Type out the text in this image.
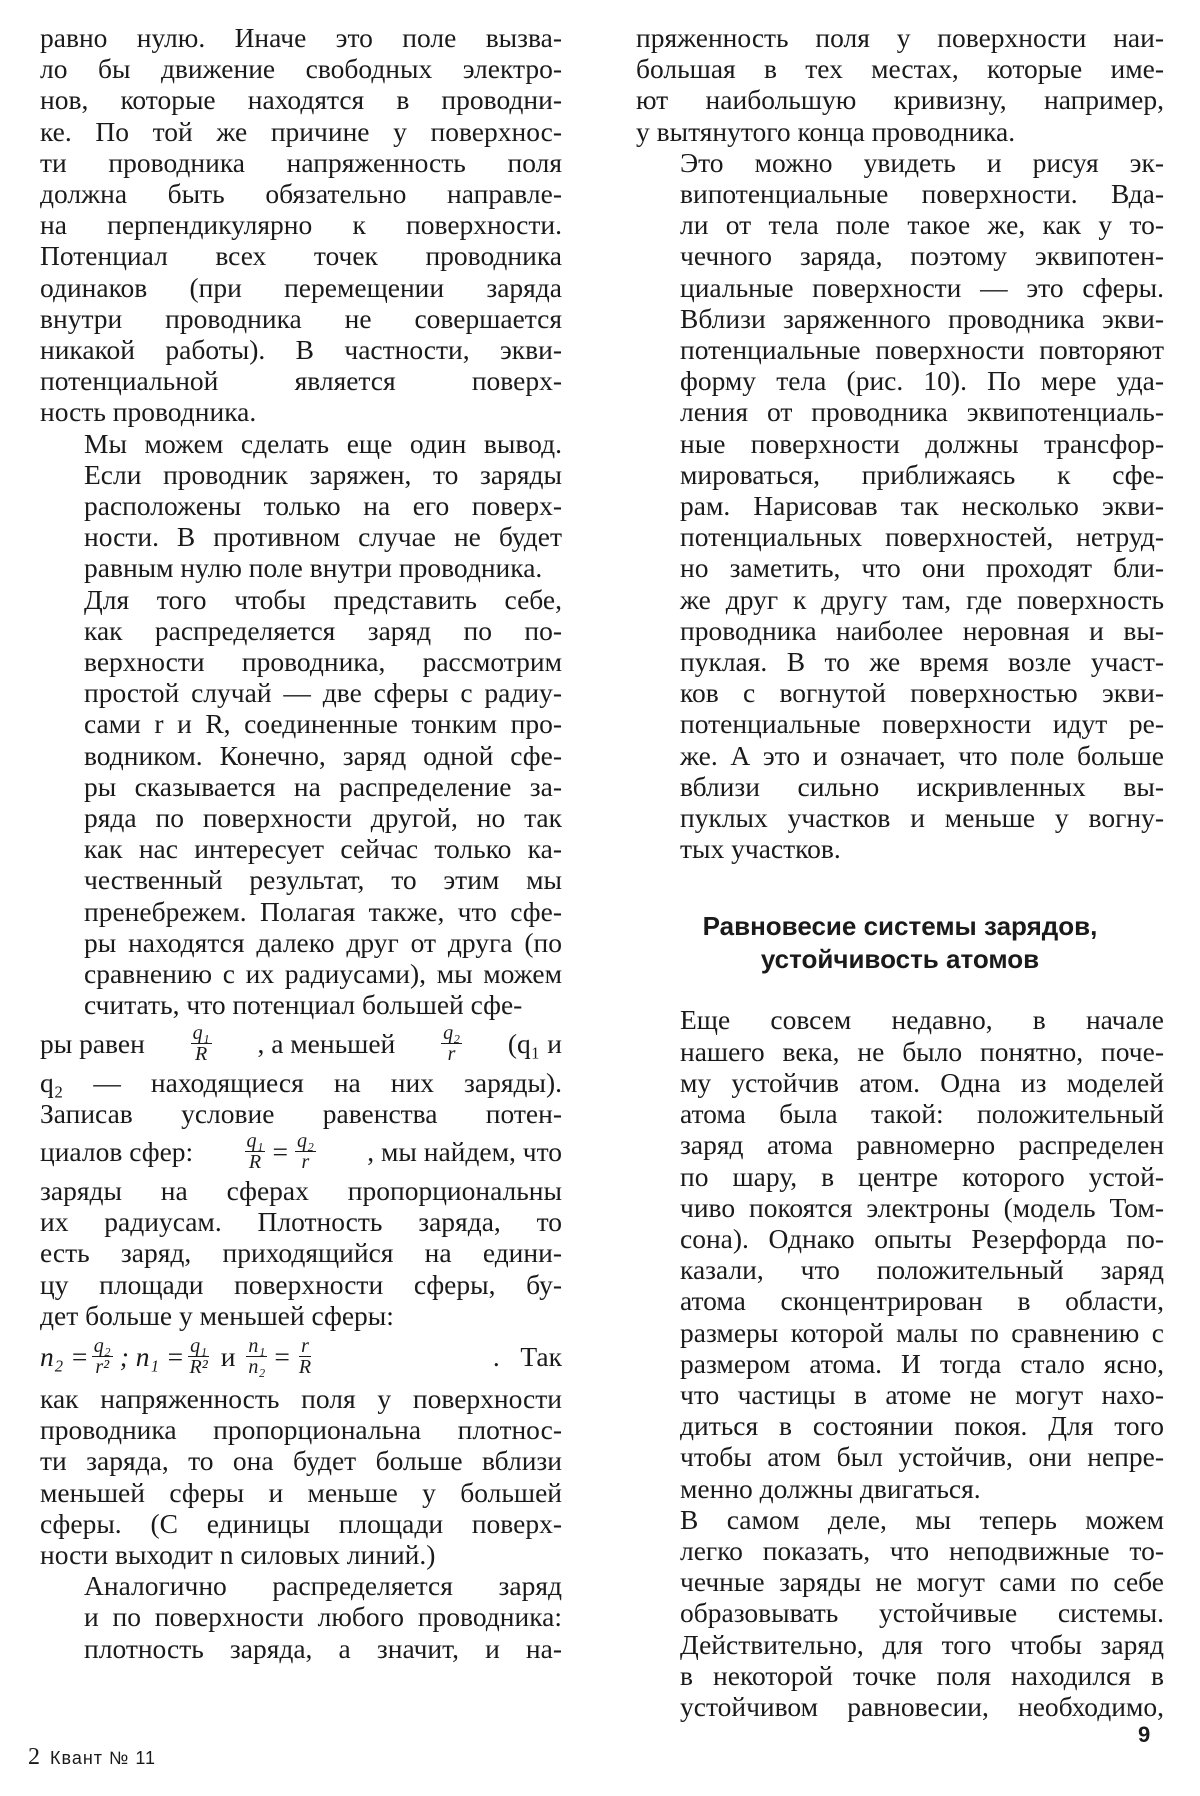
равно нулю. Иначе это поле вызва-
ло бы движение свободных электро-
нов, которые находятся в проводни-
ке. По той же причине у поверхнос-
ти проводника напряженность поля
должна быть обязательно направле-
на перпендикулярно к поверхности.
Потенциал всех точек проводника
одинаков (при перемещении заряда
внутри проводника не совершается
никакой работы). В частности, экви-
потенциальной является поверх-
ность проводника.

Мы можем сделать еще один вывод.
Если проводник заряжен, то заряды
расположены только на его поверх-
ности. В противном случае не будет
равным нулю поле внутри проводника.

Для того чтобы представить себе,
как распределяется заряд по по-
верхности проводника, рассмотрим
простой случай — две сферы с радиу-
сами r и R, соединенные тонким про-
водником. Конечно, заряд одной сфе-
ры сказывается на распределение за-
ряда по поверхности другой, но так
как нас интересует сейчас только ка-
чественный результат, то этим мы
пренебрежем. Полагая также, что сфе-
ры находятся далеко друг от друга (по
сравнению с их радиусами), мы можем
считать, что потенциал большей сфе-

ры равен $\frac{\text{q₁}}{R}$ , а меньшей $\frac{\text{q₂}}{r} (q_1$ и

q₂ — находящиеся на них заряды).
Записав условие равенства потен-

циалов сфер:	$\frac{\text{q₁}}{R} = \frac{\text{q₂}}{r}$ , мы найдем, что

заряды на сферах пропорциональны
их радиусам. Плотность заряда, то
есть заряд, приходящийся на едини-
цу площади поверхности сферы, бу-
дет больше у меньшей сферы:

$n_2 = \frac{\text{q₂}}{\text{r²}}$ ; $n_1 = \frac{\text{q₁}}{\text{R²}}$ и $\frac{\text{n₁}}{\text{n₂}} = \frac{r}{R}$	.   Так

как напряженность поля у поверхности
проводника пропорциональна плотнос-
ти заряда, то она будет больше вблизи
меньшей сферы и меньше у большей
сферы. (С единицы площади поверх-
ности выходит n силовых линий.)

Аналогично распределяется заряд
и по поверхности любого проводника:
плотность заряда, а значит, и на-

пряженность поля у поверхности наи-
большая в тех местах, которые име-
ют наибольшую кривизну, например,
у вытянутого конца проводника.

Это можно увидеть и рисуя эк-
випотенциальные поверхности. Вда-
ли от тела поле такое же, как у то-
чечного заряда, поэтому эквипотен-
циальные поверхности — это сферы.
Вблизи заряженного проводника экви-
потенциальные поверхности повторяют
форму тела (рис. 10). По мере уда-
ления от проводника эквипотенциаль-
ные поверхности должны трансфор-
мироваться, приближаясь к сфе-
рам. Нарисовав так несколько экви-
потенциальных поверхностей, нетруд-
но заметить, что они проходят бли-
же друг к другу там, где поверхность
проводника наиболее неровная и вы-
пуклая. В то же время возле участ-
ков с вогнутой поверхностью экви-
потенциальные поверхности идут ре-
же. А это и означает, что поле больше
вблизи сильно искривленных вы-
пуклых участков и меньше у вогну-
тых участков.

Равновесие системы зарядов,
устойчивость атомов

Еще совсем недавно, в начале
нашего века, не было понятно, поче-
му устойчив атом. Одна из моделей
атома была такой: положительный
заряд атома равномерно распределен
по шару, в центре которого устой-
чиво покоятся электроны (модель Том-
сона). Однако опыты Резерфорда по-
казали, что положительный заряд
атома сконцентрирован в области,
размеры которой малы по сравнению с
размером атома. И тогда стало ясно,
что частицы в атоме не могут нахо-
диться в состоянии покоя. Для того
чтобы атом был устойчив, они непре-
менно должны двигаться.

В самом деле, мы теперь можем
легко показать, что неподвижные то-
чечные заряды не могут сами по себе
образовывать устойчивые системы.
Действительно, для того чтобы заряд
в некоторой точке поля находился в
устойчивом равновесии, необходимо,

2 Квант № 11
9
